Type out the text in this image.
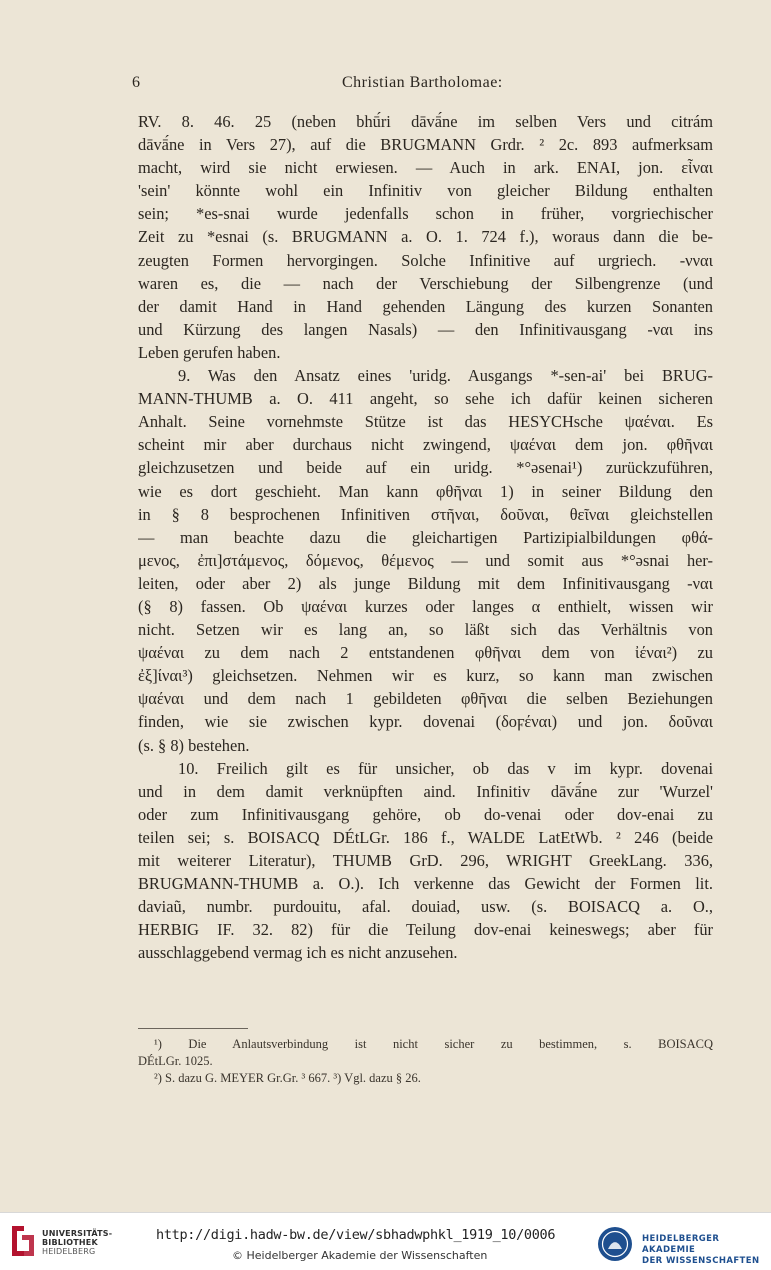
6	Christian Bartholomae:
RV. 8. 46. 25 (neben bhū́ri dāvā́ne im selben Vers und citrám
dāvā́ne in Vers 27), auf die BRUGMANN Grdr. ² 2c. 893 aufmerksam
macht, wird sie nicht erwiesen. — Auch in ark. ΕΝΑΙ, jon. εἶναι
'sein' könnte wohl ein Infinitiv von gleicher Bildung enthalten
sein; *es-snai wurde jedenfalls schon in früher, vorgriechischer
Zeit zu *esnai (s. BRUGMANN a. O. 1. 724 f.), woraus dann die be-
zeugten Formen hervorgingen. Solche Infinitive auf urgriech. -νναι
waren es, die — nach der Verschiebung der Silbengrenze (und
der damit Hand in Hand gehenden Längung des kurzen Sonanten
und Kürzung des langen Nasals) — den Infinitivausgang -ναι ins
Leben gerufen haben.
9. Was den Ansatz eines 'uridg. Ausgangs *-sen-ai' bei BRUG-
MANN-THUMB a. O. 411 angeht, so sehe ich dafür keinen sicheren
Anhalt. Seine vornehmste Stütze ist das HESYCHsche ψαέναι. Es
scheint mir aber durchaus nicht zwingend, ψαέναι dem jon. φθῆναι
gleichzusetzen und beide auf ein uridg. *°əsenai¹) zurückzuführen,
wie es dort geschieht. Man kann φθῆναι 1) in seiner Bildung den
in § 8 besprochenen Infinitiven στῆναι, δοῦναι, θεῖναι gleichstellen
— man beachte dazu die gleichartigen Partizipialbildungen φθά-
μενος, ἐπι]στάμενος, δόμενος, θέμενος — und somit aus *°əsnai her-
leiten, oder aber 2) als junge Bildung mit dem Infinitivausgang -ναι
(§ 8) fassen. Ob ψαέναι kurzes oder langes α enthielt, wissen wir
nicht. Setzen wir es lang an, so läßt sich das Verhältnis von
ψαέναι zu dem nach 2 entstandenen φθῆναι dem von ἰέναι²) zu
ἐξ]ίναι³) gleichsetzen. Nehmen wir es kurz, so kann man zwischen
ψαέναι und dem nach 1 gebildeten φθῆναι die selben Beziehungen
finden, wie sie zwischen kypr. dovenai (δοϝέναι) und jon. δοῦναι
(s. § 8) bestehen.
10. Freilich gilt es für unsicher, ob das v im kypr. dovenai
und in dem damit verknüpften aind. Infinitiv dāvā́ne zur 'Wurzel'
oder zum Infinitivausgang gehöre, ob do-venai oder dov-enai zu
teilen sei; s. BOISACQ DÉtLGr. 186 f., WALDE LatEtWb. ² 246 (beide
mit weiterer Literatur), THUMB GrD. 296, WRIGHT GreekLang. 336,
BRUGMANN-THUMB a. O.). Ich verkenne das Gewicht der Formen lit.
daviaũ, numbr. purdouitu, afal. douiad, usw. (s. BOISACQ a. O.,
HERBIG IF. 32. 82) für die Teilung dov-enai keineswegs; aber für
ausschlaggebend vermag ich es nicht anzusehen.
¹) Die Anlautsverbindung ist nicht sicher zu bestimmen, s. BOISACQ
DÉtLGr. 1025.
²) S. dazu G. MEYER Gr.Gr. ³ 667. ³) Vgl. dazu § 26.
UNIVERSITÄTS-
BIBLIOTHEK
HEIDELBERG
http://digi.hadw-bw.de/view/sbhadwphkl_1919_10/0006
© Heidelberger Akademie der Wissenschaften
HEIDELBERGER AKADEMIE
DER WISSENSCHAFTEN
